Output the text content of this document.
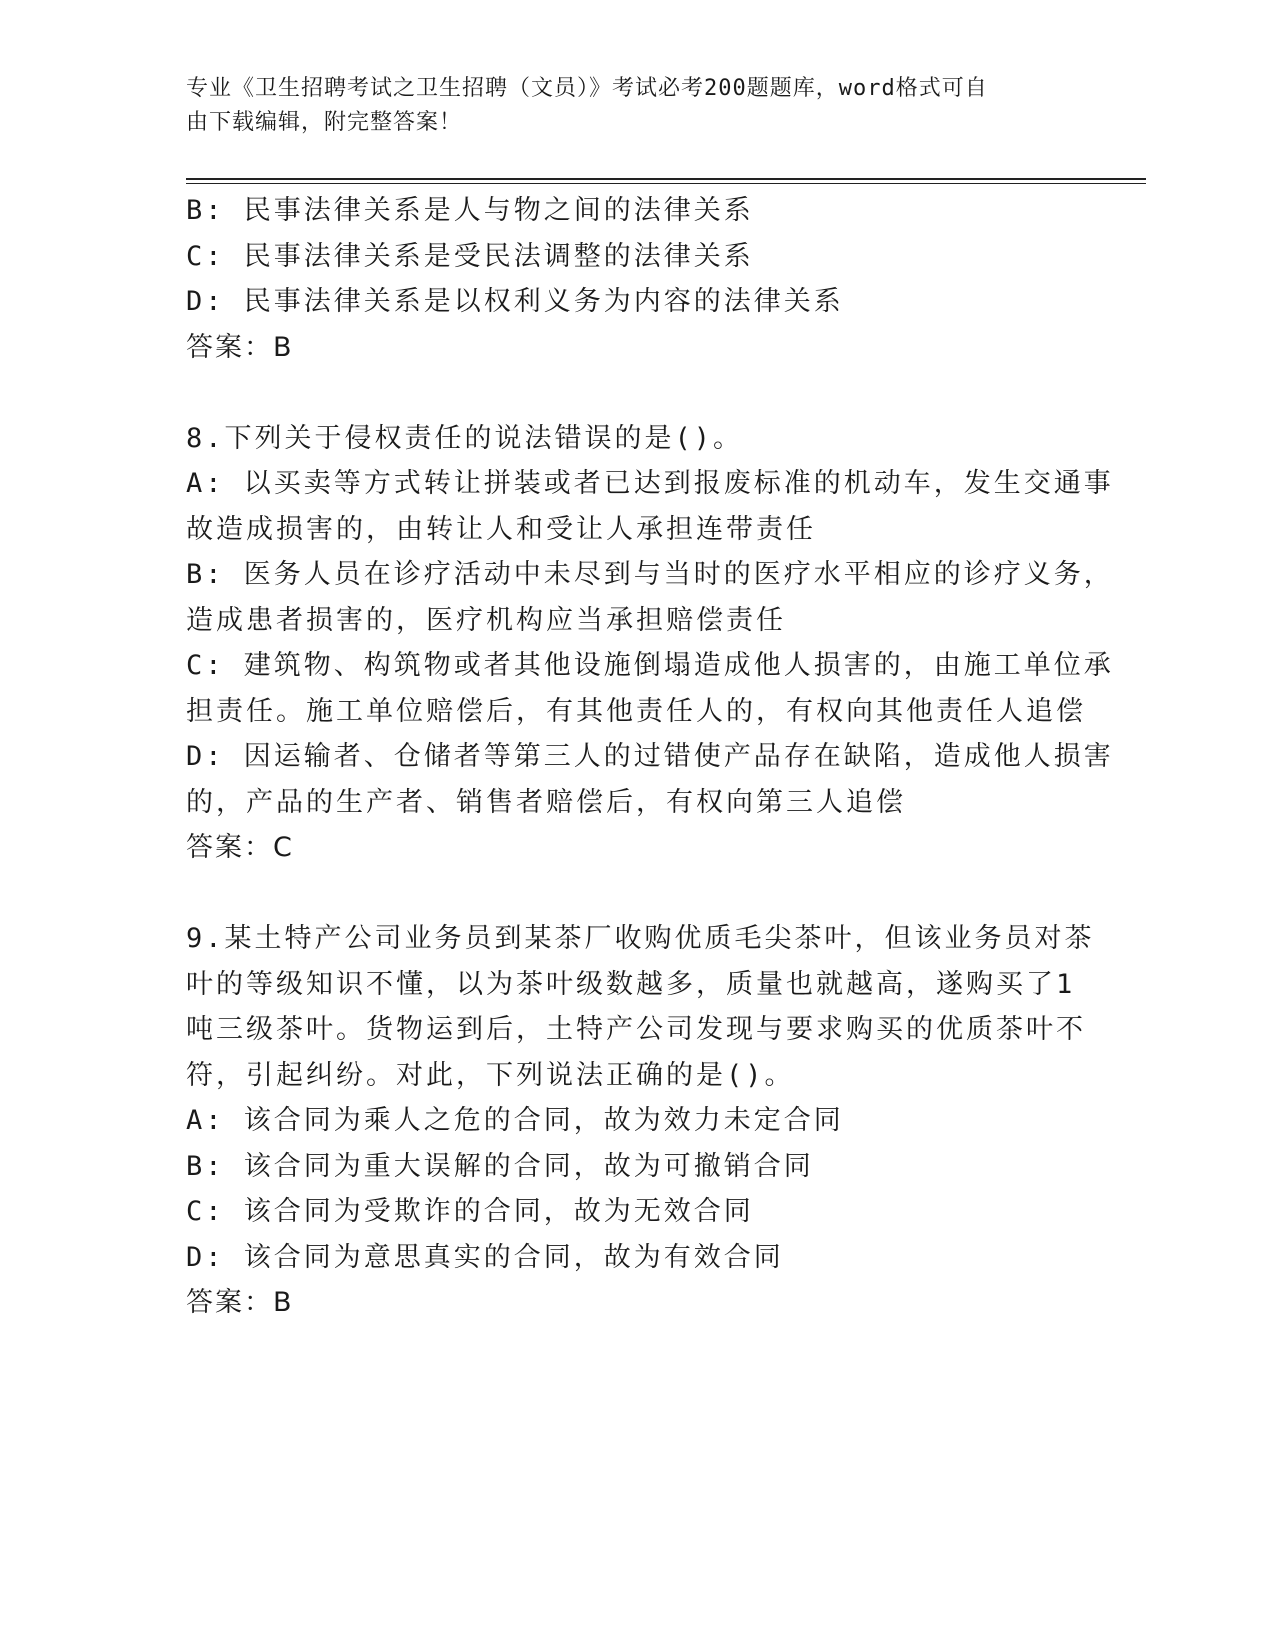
专业《卫生招聘考试之卫生招聘（文员）》考试必考200题题库，word格式可自
由下载编辑，附完整答案！

B: 民事法律关系是人与物之间的法律关系

C: 民事法律关系是受民法调整的法律关系

D: 民事法律关系是以权利义务为内容的法律关系

答案：B

8.下列关于侵权责任的说法错误的是()。

A: 以买卖等方式转让拼装或者已达到报废标准的机动车，发生交通事

故造成损害的，由转让人和受让人承担连带责任

B: 医务人员在诊疗活动中未尽到与当时的医疗水平相应的诊疗义务，

造成患者损害的，医疗机构应当承担赔偿责任

C: 建筑物、构筑物或者其他设施倒塌造成他人损害的，由施工单位承

担责任。施工单位赔偿后，有其他责任人的，有权向其他责任人追偿

D: 因运输者、仓储者等第三人的过错使产品存在缺陷，造成他人损害

的，产品的生产者、销售者赔偿后，有权向第三人追偿

答案：C

9.某土特产公司业务员到某茶厂收购优质毛尖茶叶，但该业务员对茶

叶的等级知识不懂，以为茶叶级数越多，质量也就越高，遂购买了1

吨三级茶叶。货物运到后，土特产公司发现与要求购买的优质茶叶不

符，引起纠纷。对此，下列说法正确的是()。

A: 该合同为乘人之危的合同，故为效力未定合同

B: 该合同为重大误解的合同，故为可撤销合同

C: 该合同为受欺诈的合同，故为无效合同

D: 该合同为意思真实的合同，故为有效合同

答案：B
